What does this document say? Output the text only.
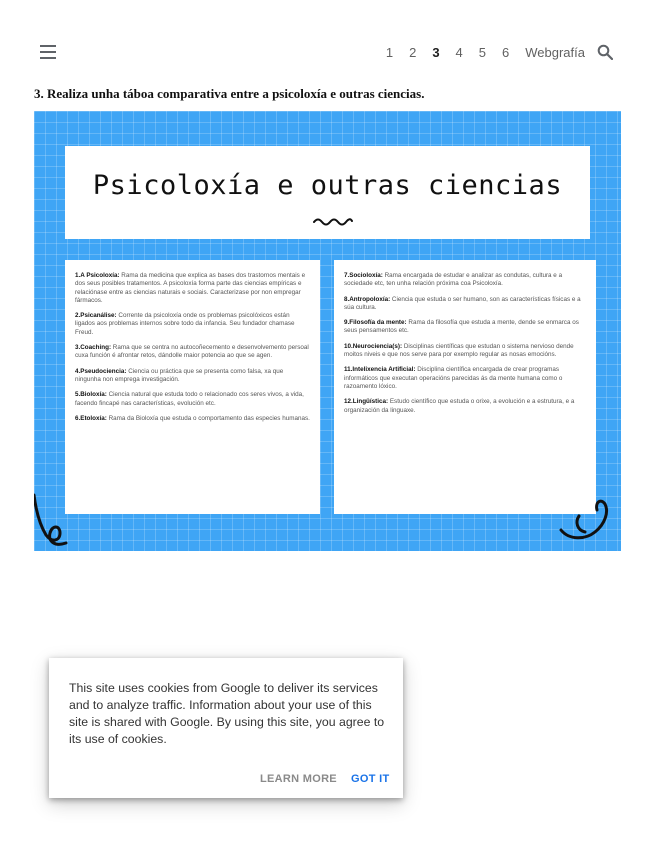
1 2 3 4 5 6 Webgrafía
3. Realiza unha táboa comparativa entre a psicoloxía e outras ciencias.
Psicoloxía e outras ciencias

1.A Psicoloxía: Rama da medicina que explica as bases dos trastornos mentais e dos seus posibles tratamentos. A psicoloxía forma parte das ciencias empíricas e relaciónase entre as ciencias naturais e sociais. Caracterizase por non empregar fármacos.

2.Psicanálise: Corrente da psicoloxía onde os problemas psicolóxicos están ligados aos problemas internos sobre todo da infancia. Seu fundador chamase Freud.

3.Coaching: Rama que se centra no autocoñecemento e desenvolvemento persoal cuxa función é afrontar retos, dándolle maior potencia ao que se agen.

4.Pseudociencia: Ciencia ou práctica que se presenta como falsa, xa que ningunha non emprega investigación.

5.Bioloxía: Ciencia natural que estuda todo o relacionado cos seres vivos, a vida, facendo fincapé nas características, evolución etc.

6.Etoloxía: Rama da Bioloxía que estuda o comportamento das especies humanas.

7.Socioloxía: Rama encargada de estudar e analizar as condutas, cultura e a sociedade etc, ten unha relación próxima coa Psicoloxía.

8.Antropoloxía: Ciencia que estuda o ser humano, son as características físicas e a súa cultura.

9.Filosofía da mente: Rama da filosofía que estuda a mente, dende se enmarca os seus pensamentos etc.

10.Neurociencia(s): Disciplinas científicas que estudan o sistema nervioso dende moitos niveis e que nos serve para por exemplo regular as nosas emocións.

11.Intelixencia Artificial: Disciplina científica encargada de crear programas informáticos que executan operacións parecidas ás da mente humana como o razoamento lóxico.

12.Lingüística: Estudo científico que estuda o orixe, a evolución e a estrutura, e a organización da linguaxe.

This site uses cookies from Google to deliver its services and to analyze traffic. Information about your use of this site is shared with Google. By using this site, you agree to its use of cookies.

LEARN MORE GOT IT
